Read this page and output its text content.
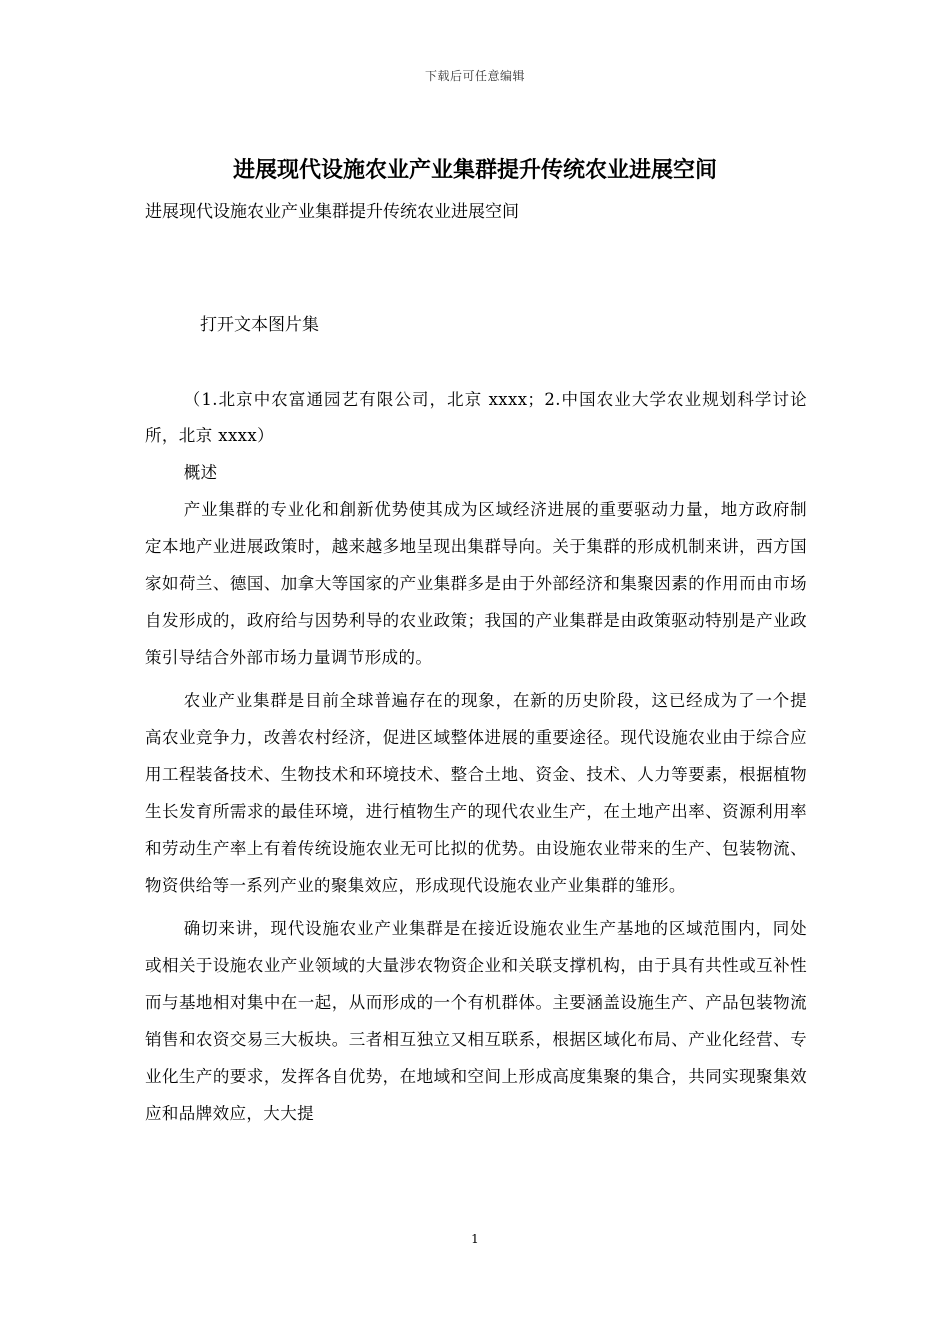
下载后可任意编辑
进展现代设施农业产业集群提升传统农业进展空间

进展现代设施农业产业集群提升传统农业进展空间

打开文本图片集

（1.北京中农富通园艺有限公司，北京 xxxx；2.中国农业大学农业规划科学讨论所，北京 xxxx）

概述

产业集群的专业化和創新优势使其成为区域经济进展的重要驱动力量，地方政府制定本地产业进展政策时，越来越多地呈现出集群导向。关于集群的形成机制来讲，西方国家如荷兰、德国、加拿大等国家的产业集群多是由于外部经济和集聚因素的作用而由市场自发形成的，政府给与因势利导的农业政策；我国的产业集群是由政策驱动特别是产业政策引导结合外部市场力量调节形成的。

农业产业集群是目前全球普遍存在的现象，在新的历史阶段，这已经成为了一个提高农业竞争力，改善农村经济，促进区域整体进展的重要途径。现代设施农业由于综合应用工程装备技术、生物技术和环境技术、整合土地、资金、技术、人力等要素，根据植物生长发育所需求的最佳环境，进行植物生产的现代农业生产，在土地产出率、资源利用率和劳动生产率上有着传统设施农业无可比拟的优势。由设施农业带来的生产、包装物流、物资供给等一系列产业的聚集效应，形成现代设施农业产业集群的雏形。

确切来讲，现代设施农业产业集群是在接近设施农业生产基地的区域范围内，同处或相关于设施农业产业领域的大量涉农物资企业和关联支撑机构，由于具有共性或互补性而与基地相对集中在一起，从而形成的一个有机群体。主要涵盖设施生产、产品包装物流销售和农资交易三大板块。三者相互独立又相互联系，根据区域化布局、产业化经营、专业化生产的要求，发挥各自优势，在地域和空间上形成高度集聚的集合，共同实现聚集效应和品牌效应，大大提

1
